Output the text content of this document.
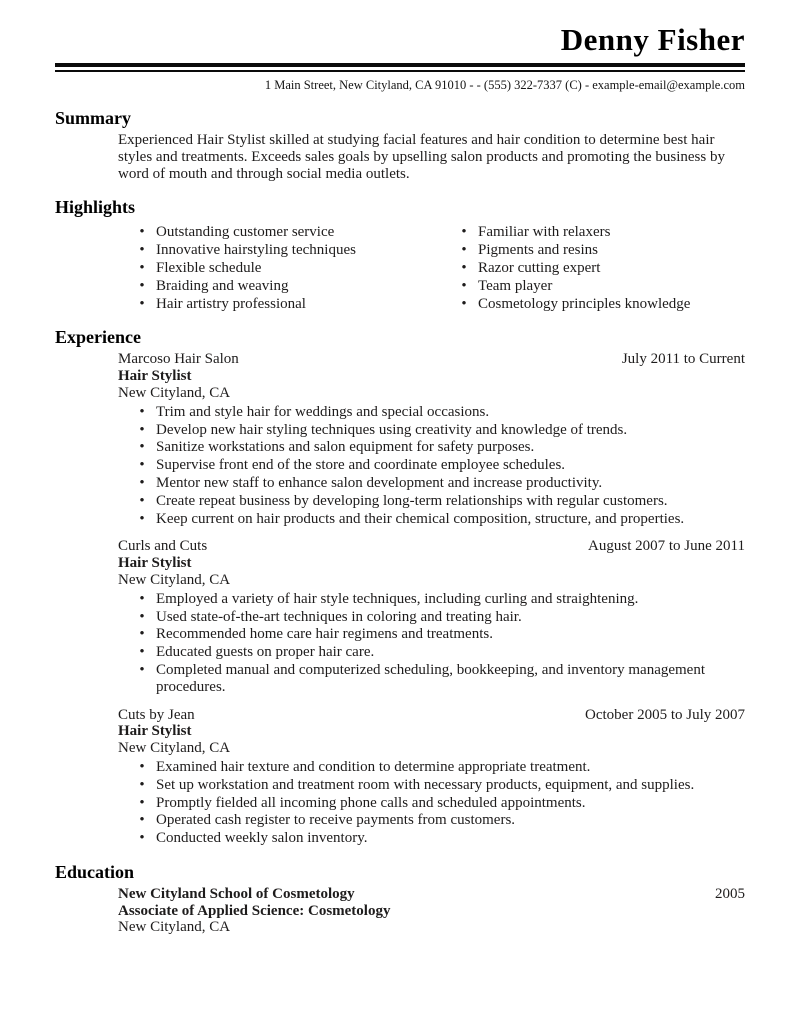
Denny Fisher
1 Main Street, New Cityland, CA 91010 - - (555) 322-7337 (C) - example-email@example.com
Summary

Experienced Hair Stylist skilled at studying facial features and hair condition to determine best hair styles and treatments. Exceeds sales goals by upselling salon products and promoting the business by word of mouth and through social media outlets.

Highlights
• Outstanding customer service
• Innovative hairstyling techniques
• Flexible schedule
• Braiding and weaving
• Hair artistry professional
• Familiar with relaxers
• Pigments and resins
• Razor cutting expert
• Team player
• Cosmetology principles knowledge
Experience
Marcoso Hair Salon	July 2011 to Current
Hair Stylist
New Cityland, CA
• Trim and style hair for weddings and special occasions.
• Develop new hair styling techniques using creativity and knowledge of trends.
• Sanitize workstations and salon equipment for safety purposes.
• Supervise front end of the store and coordinate employee schedules.
• Mentor new staff to enhance salon development and increase productivity.
• Create repeat business by developing long-term relationships with regular customers.
• Keep current on hair products and their chemical composition, structure, and properties.
Curls and Cuts	August 2007 to June 2011
Hair Stylist
New Cityland, CA
• Employed a variety of hair style techniques, including curling and straightening.
• Used state-of-the-art techniques in coloring and treating hair.
• Recommended home care hair regimens and treatments.
• Educated guests on proper hair care.
• Completed manual and computerized scheduling, bookkeeping, and inventory management procedures.
Cuts by Jean	October 2005 to July 2007
Hair Stylist
New Cityland, CA
• Examined hair texture and condition to determine appropriate treatment.
• Set up workstation and treatment room with necessary products, equipment, and supplies.
• Promptly fielded all incoming phone calls and scheduled appointments.
• Operated cash register to receive payments from customers.
• Conducted weekly salon inventory.
Education
New Cityland School of Cosmetology	2005
Associate of Applied Science: Cosmetology
New Cityland, CA
